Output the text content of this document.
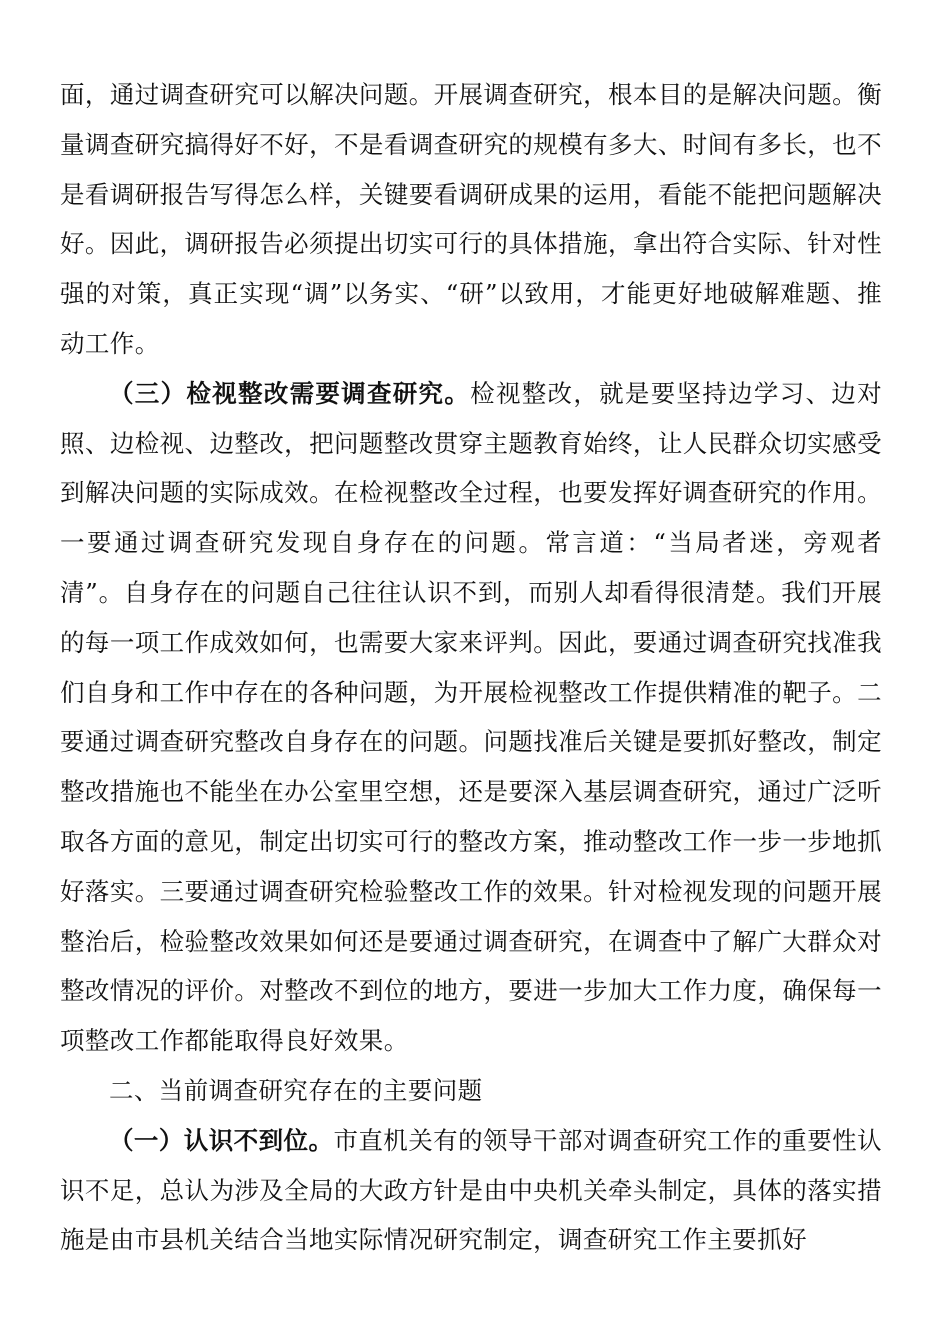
面，通过调查研究可以解决问题。开展调查研究，根本目的是解决问题。衡量调查研究搞得好不好，不是看调查研究的规模有多大、时间有多长，也不是看调研报告写得怎么样，关键要看调研成果的运用，看能不能把问题解决好。因此，调研报告必须提出切实可行的具体措施，拿出符合实际、针对性强的对策，真正实现“调”以务实、“研”以致用，才能更好地破解难题、推动工作。

（三）检视整改需要调查研究。检视整改，就是要坚持边学习、边对照、边检视、边整改，把问题整改贯穿主题教育始终，让人民群众切实感受到解决问题的实际成效。在检视整改全过程，也要发挥好调查研究的作用。一要通过调查研究发现自身存在的问题。常言道：“当局者迷，旁观者清”。自身存在的问题自己往往认识不到，而别人却看得很清楚。我们开展的每一项工作成效如何，也需要大家来评判。因此，要通过调查研究找准我们自身和工作中存在的各种问题，为开展检视整改工作提供精准的靶子。二要通过调查研究整改自身存在的问题。问题找准后关键是要抓好整改，制定整改措施也不能坐在办公室里空想，还是要深入基层调查研究，通过广泛听取各方面的意见，制定出切实可行的整改方案，推动整改工作一步一步地抓好落实。三要通过调查研究检验整改工作的效果。针对检视发现的问题开展整治后，检验整改效果如何还是要通过调查研究，在调查中了解广大群众对整改情况的评价。对整改不到位的地方，要进一步加大工作力度，确保每一项整改工作都能取得良好效果。

二、当前调查研究存在的主要问题

（一）认识不到位。市直机关有的领导干部对调查研究工作的重要性认识不足，总认为涉及全局的大政方针是由中央机关牵头制定，具体的落实措施是由市县机关结合当地实际情况研究制定，调查研究工作主要抓好
